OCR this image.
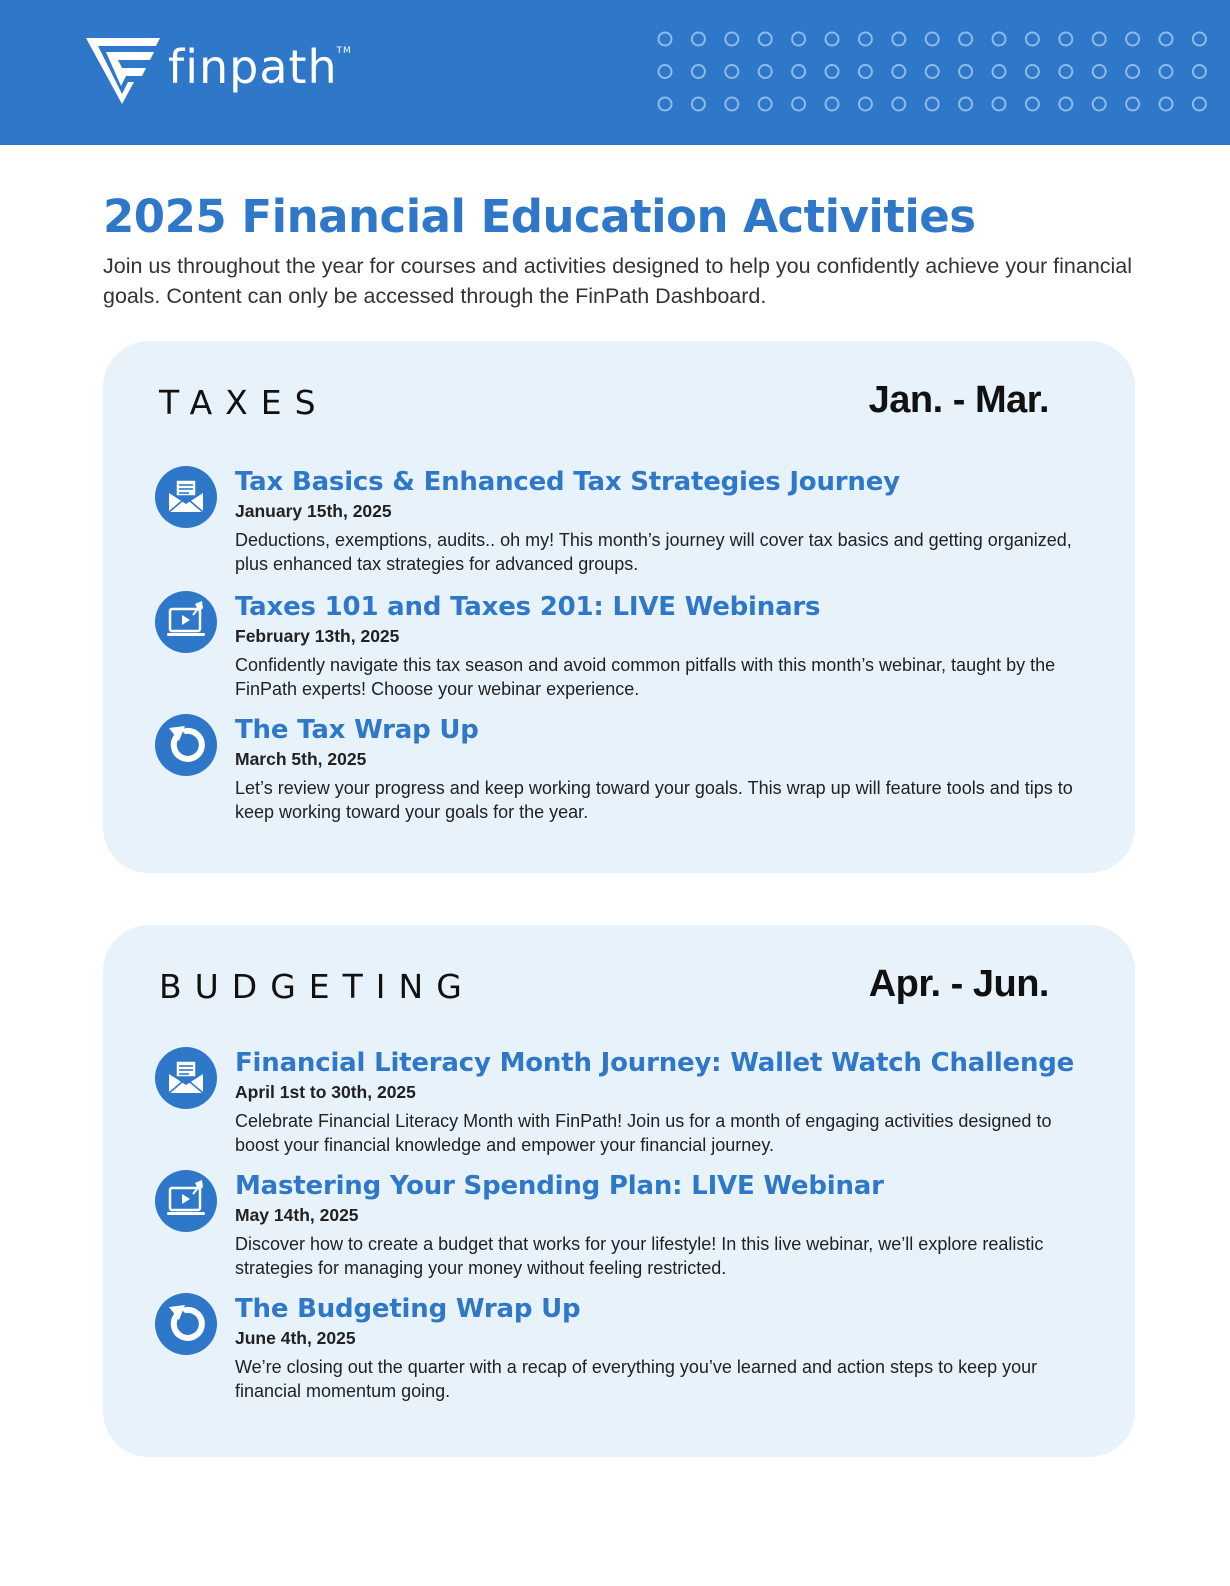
finpath
TM
2025 Financial Education Activities

Join us throughout the year for courses and activities designed to help you confidently achieve your financial goals. Content can only be accessed through the FinPath Dashboard.

TAXES	Jan. - Mar.
Tax Basics & Enhanced Tax Strategies Journey
January 15th, 2025
Deductions, exemptions, audits.. oh my! This month’s journey will cover tax basics and getting organized, plus enhanced tax strategies for advanced groups.
Taxes 101 and Taxes 201: LIVE Webinars
February 13th, 2025
Confidently navigate this tax season and avoid common pitfalls with this month’s webinar, taught by the FinPath experts! Choose your webinar experience.
The Tax Wrap Up
March 5th, 2025
Let’s review your progress and keep working toward your goals. This wrap up will feature tools and tips to keep working toward your goals for the year.
BUDGETING	Apr. - Jun.
Financial Literacy Month Journey: Wallet Watch Challenge
April 1st to 30th, 2025
Celebrate Financial Literacy Month with FinPath! Join us for a month of engaging activities designed to boost your financial knowledge and empower your financial journey.
Mastering Your Spending Plan: LIVE Webinar
May 14th, 2025
Discover how to create a budget that works for your lifestyle! In this live webinar, we’ll explore realistic strategies for managing your money without feeling restricted.
The Budgeting Wrap Up
June 4th, 2025
We’re closing out the quarter with a recap of everything you’ve learned and action steps to keep your financial momentum going.
